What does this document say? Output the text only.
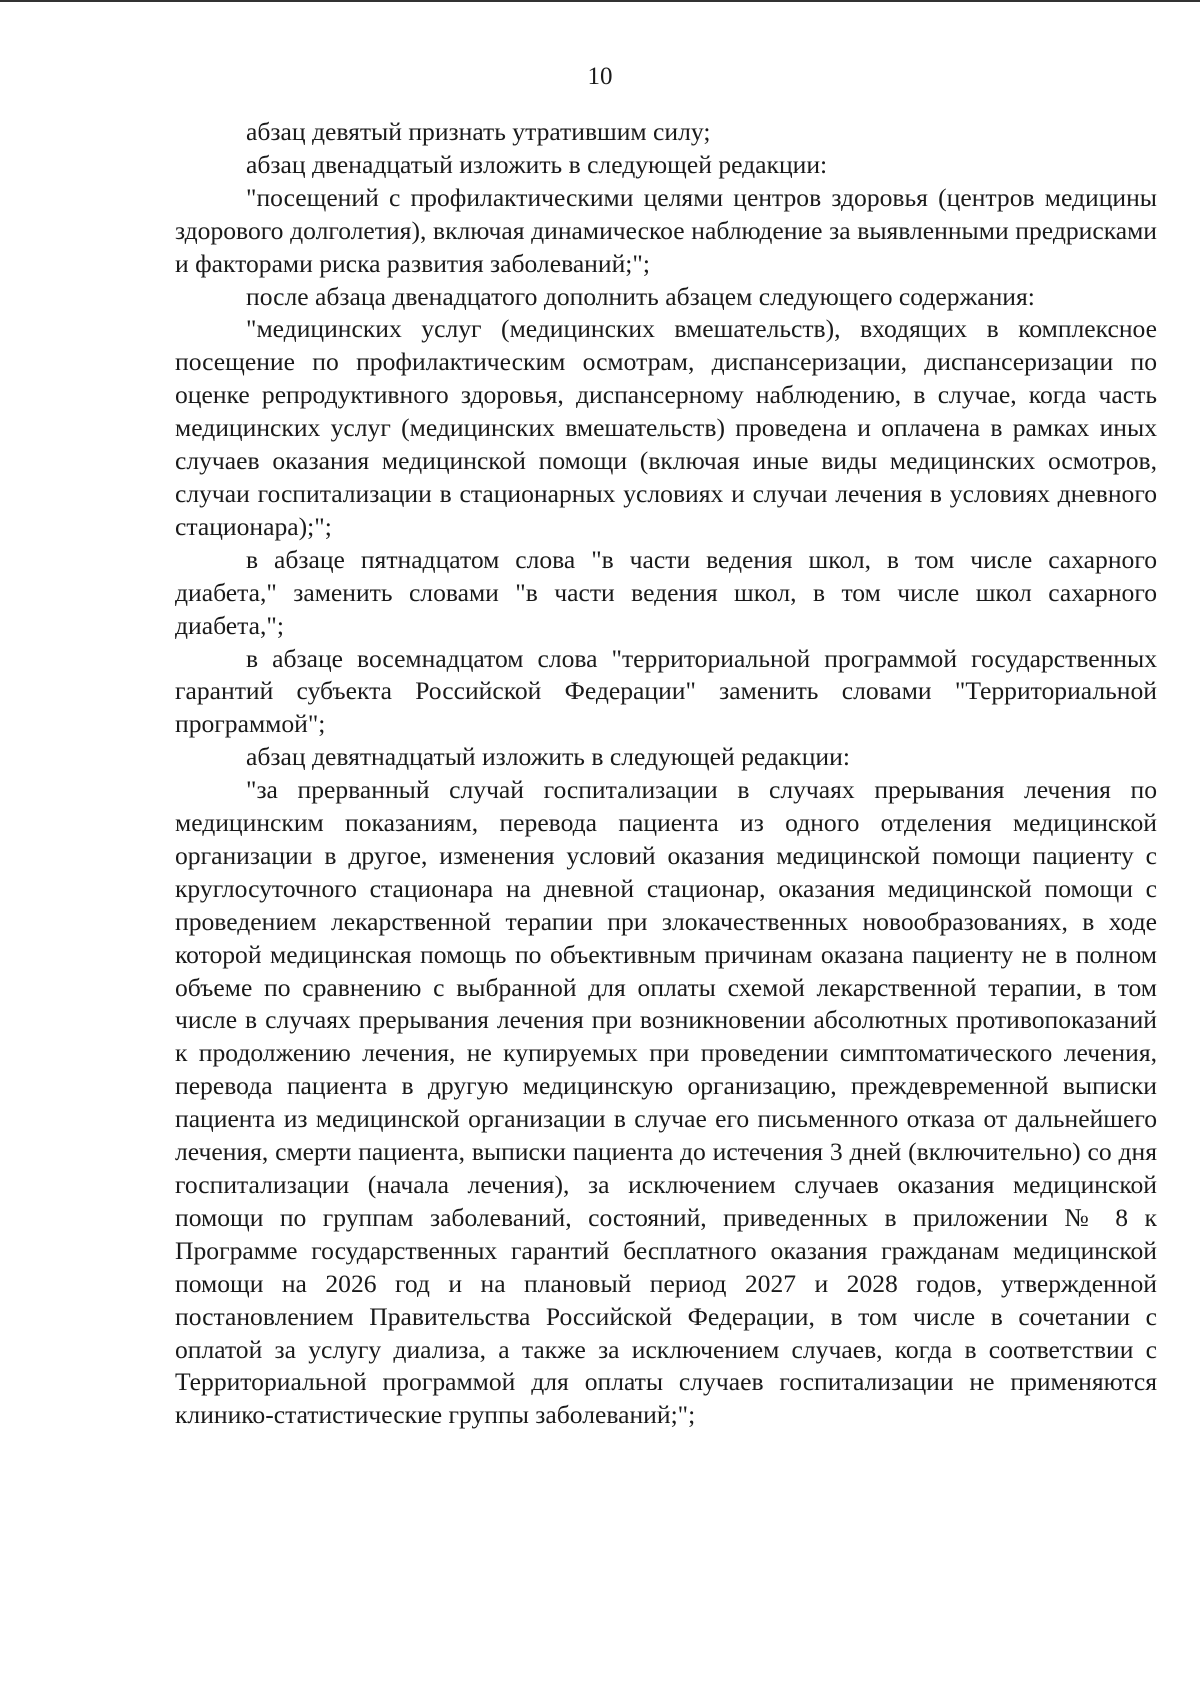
10

абзац девятый признать утратившим силу;

абзац двенадцатый изложить в следующей редакции:

"посещений с профилактическими целями центров здоровья (центров медицины здорового долголетия), включая динамическое наблюдение за выявленными предрисками и факторами риска развития заболеваний;";

после абзаца двенадцатого дополнить абзацем следующего содержания:

"медицинских услуг (медицинских вмешательств), входящих в комплексное посещение по профилактическим осмотрам, диспансеризации, диспансеризации по оценке репродуктивного здоровья, диспансерному наблюдению, в случае, когда часть медицинских услуг (медицинских вмешательств) проведена и оплачена в рамках иных случаев оказания медицинской помощи (включая иные виды медицинских осмотров, случаи госпитализации в стационарных условиях и случаи лечения в условиях дневного стационара);";

в абзаце пятнадцатом слова "в части ведения школ, в том числе сахарного диабета," заменить словами "в части ведения школ, в том числе школ сахарного диабета,";

в абзаце восемнадцатом слова "территориальной программой государственных гарантий субъекта Российской Федерации" заменить словами "Территориальной программой";

абзац девятнадцатый изложить в следующей редакции:

"за прерванный случай госпитализации в случаях прерывания лечения по медицинским показаниям, перевода пациента из одного отделения медицинской организации в другое, изменения условий оказания медицинской помощи пациенту с круглосуточного стационара на дневной стационар, оказания медицинской помощи с проведением лекарственной терапии при злокачественных новообразованиях, в ходе которой медицинская помощь по объективным причинам оказана пациенту не в полном объеме по сравнению с выбранной для оплаты схемой лекарственной терапии, в том числе в случаях прерывания лечения при возникновении абсолютных противопоказаний к продолжению лечения, не купируемых при проведении симптоматического лечения, перевода пациента в другую медицинскую организацию, преждевременной выписки пациента из медицинской организации в случае его письменного отказа от дальнейшего лечения, смерти пациента, выписки пациента до истечения 3 дней (включительно) со дня госпитализации (начала лечения), за исключением случаев оказания медицинской помощи по группам заболеваний, состояний, приведенных в приложении № 8 к Программе государственных гарантий бесплатного оказания гражданам медицинской помощи на 2026 год и на плановый период 2027 и 2028 годов, утвержденной постановлением Правительства Российской Федерации, в том числе в сочетании с оплатой за услугу диализа, а также за исключением случаев, когда в соответствии с Территориальной программой для оплаты случаев госпитализации не применяются клинико-статистические группы заболеваний;";
